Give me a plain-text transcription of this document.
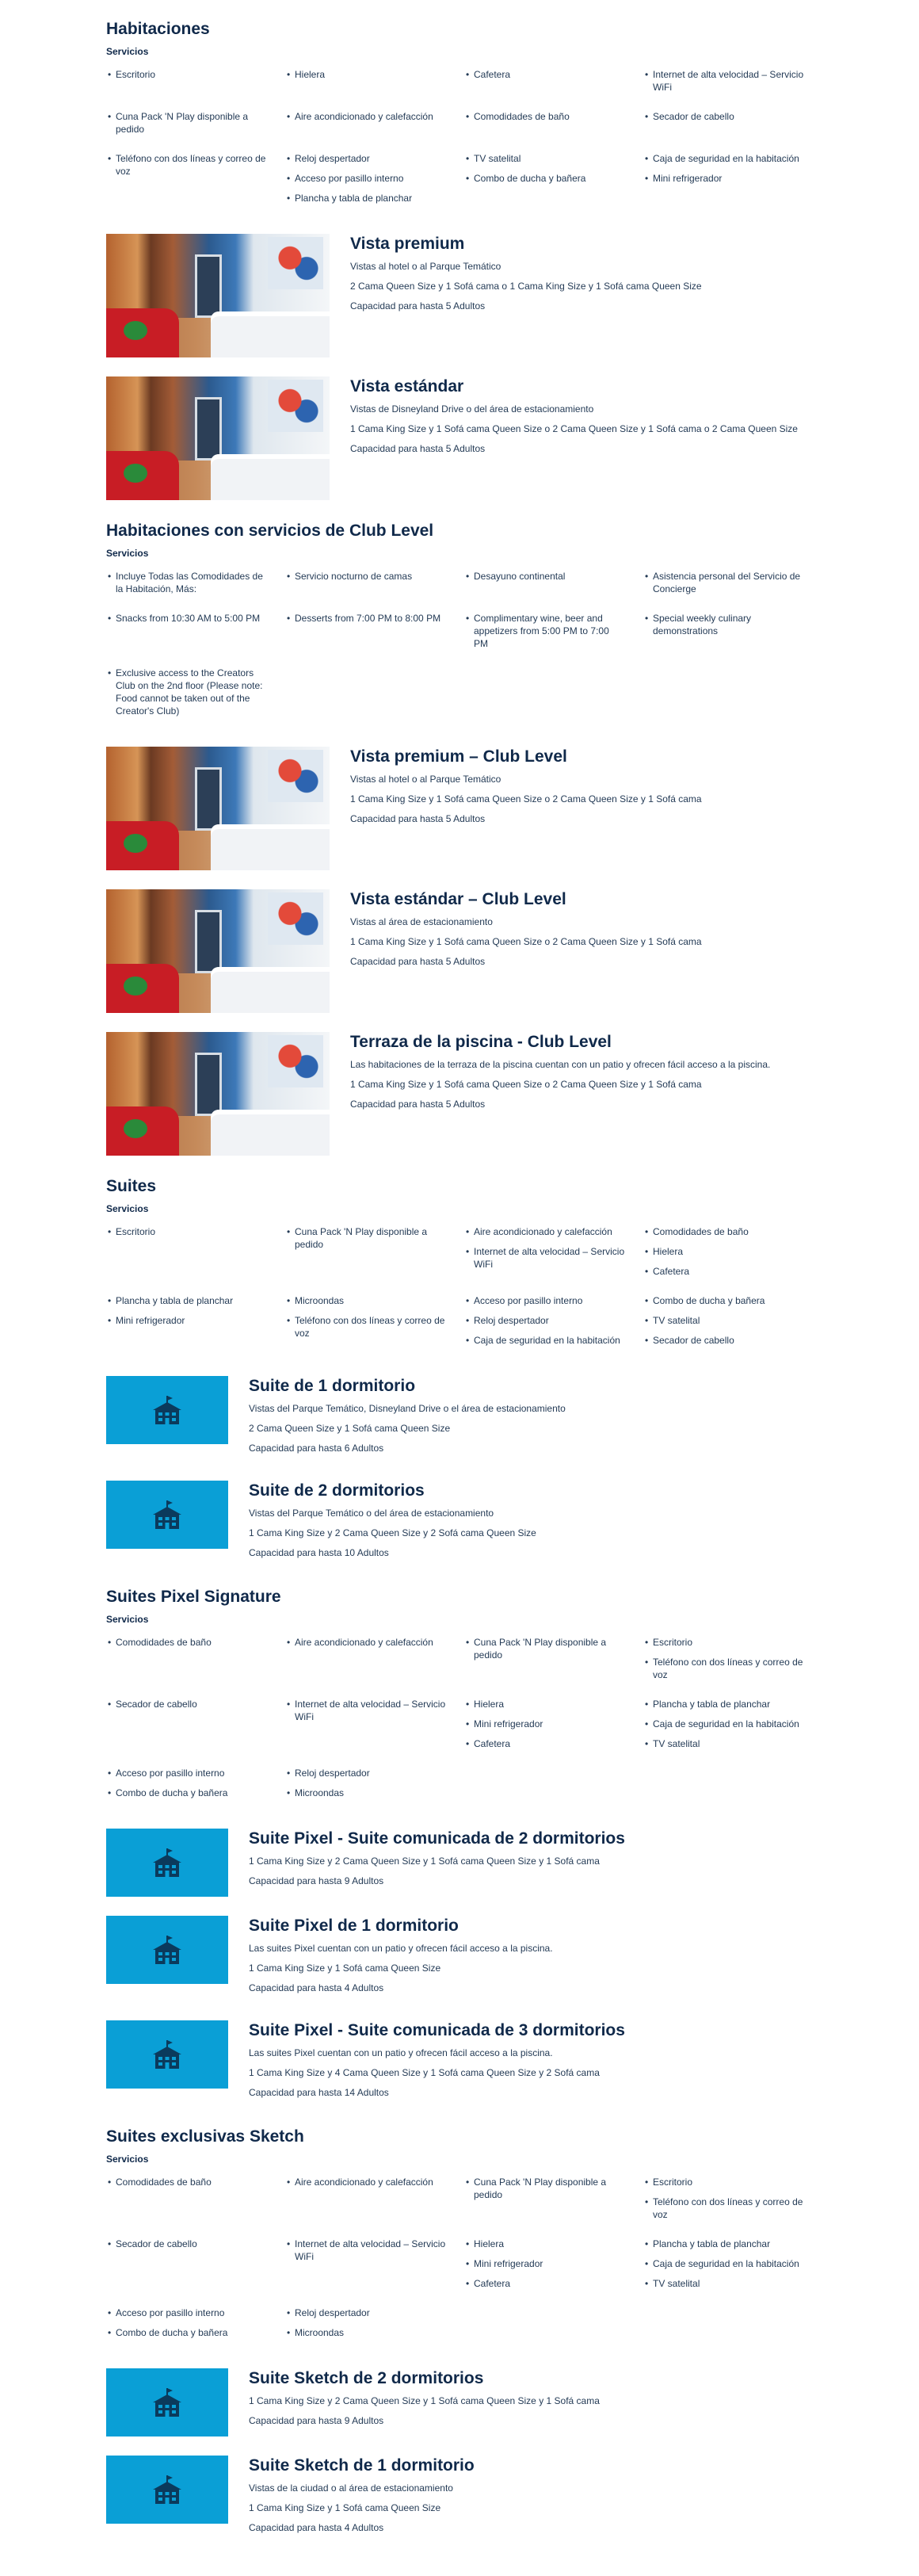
Habitaciones
Servicios
• Escritorio	• Hielera	• Cafetera	• Internet de alta velocidad – Servicio WiFi
• Cuna Pack 'N Play disponible a pedido
• Aire acondicionado y calefacción	• Comodidades de baño	• Secador de cabello
• Teléfono con dos líneas y correo de voz
• Reloj despertador
• Acceso por pasillo interno
• Plancha y tabla de planchar
• TV satelital
• Combo de ducha y bañera
• Caja de seguridad en la habitación
• Mini refrigerador
Vista premium
Vistas al hotel o al Parque Temático
2 Cama Queen Size y 1 Sofá cama o 1 Cama King Size y 1 Sofá cama Queen Size
Capacidad para hasta 5 Adultos
Vista estándar
Vistas de Disneyland Drive o del área de estacionamiento
1 Cama King Size y 1 Sofá cama Queen Size o 2 Cama Queen Size y 1 Sofá cama o 2 Cama Queen Size
Capacidad para hasta 5 Adultos
Habitaciones con servicios de Club Level
Servicios
• Incluye Todas las Comodidades de la Habitación, Más:
• Servicio nocturno de camas	• Desayuno continental	• Asistencia personal del Servicio de Concierge
• Snacks from 10:30 AM to 5:00 PM	• Desserts from 7:00 PM to 8:00 PM	• Complimentary wine, beer and appetizers from 5:00 PM to 7:00 PM
• Special weekly culinary demonstrations
• Exclusive access to the Creators Club on the 2nd floor (Please note: Food cannot be taken out of the Creator's Club)
Vista premium – Club Level
Vistas al hotel o al Parque Temático
1 Cama King Size y 1 Sofá cama Queen Size o 2 Cama Queen Size y 1 Sofá cama
Capacidad para hasta 5 Adultos
Vista estándar – Club Level
Vistas al área de estacionamiento
1 Cama King Size y 1 Sofá cama Queen Size o 2 Cama Queen Size y 1 Sofá cama
Capacidad para hasta 5 Adultos
Terraza de la piscina - Club Level
Las habitaciones de la terraza de la piscina cuentan con un patio y ofrecen fácil acceso a la piscina.
1 Cama King Size y 1 Sofá cama Queen Size o 2 Cama Queen Size y 1 Sofá cama
Capacidad para hasta 5 Adultos
Suites
Servicios
• Escritorio	• Cuna Pack 'N Play disponible a pedido
• Aire acondicionado y calefacción
• Internet de alta velocidad – Servicio WiFi
• Comodidades de baño
• Hielera
• Cafetera
• Plancha y tabla de planchar
• Mini refrigerador
• Microondas
• Teléfono con dos líneas y correo de voz
• Acceso por pasillo interno
• Reloj despertador
• Caja de seguridad en la habitación
• Combo de ducha y bañera
• TV satelital
• Secador de cabello
Suite de 1 dormitorio
Vistas del Parque Temático, Disneyland Drive o el área de estacionamiento
2 Cama Queen Size y 1 Sofá cama Queen Size
Capacidad para hasta 6 Adultos
Suite de 2 dormitorios
Vistas del Parque Temático o del área de estacionamiento
1 Cama King Size y 2 Cama Queen Size y 2 Sofá cama Queen Size
Capacidad para hasta 10 Adultos
Suites Pixel Signature
Servicios
• Comodidades de baño	• Aire acondicionado y calefacción	• Cuna Pack 'N Play disponible a pedido
• Escritorio
• Teléfono con dos líneas y correo de voz
• Secador de cabello	• Internet de alta velocidad – Servicio WiFi
• Hielera
• Mini refrigerador
• Cafetera
• Plancha y tabla de planchar
• Caja de seguridad en la habitación
• TV satelital
• Acceso por pasillo interno
• Combo de ducha y bañera
• Reloj despertador
• Microondas
Suite Pixel - Suite comunicada de 2 dormitorios
1 Cama King Size y 2 Cama Queen Size y 1 Sofá cama Queen Size y 1 Sofá cama
Capacidad para hasta 9 Adultos
Suite Pixel de 1 dormitorio
Las suites Pixel cuentan con un patio y ofrecen fácil acceso a la piscina.
1 Cama King Size y 1 Sofá cama Queen Size
Capacidad para hasta 4 Adultos
Suite Pixel - Suite comunicada de 3 dormitorios
Las suites Pixel cuentan con un patio y ofrecen fácil acceso a la piscina.
1 Cama King Size y 4 Cama Queen Size y 1 Sofá cama Queen Size y 2 Sofá cama
Capacidad para hasta 14 Adultos
Suites exclusivas Sketch
Servicios
• Comodidades de baño	• Aire acondicionado y calefacción	• Cuna Pack 'N Play disponible a pedido
• Escritorio
• Teléfono con dos líneas y correo de voz
• Secador de cabello	• Internet de alta velocidad – Servicio WiFi
• Hielera
• Mini refrigerador
• Cafetera
• Plancha y tabla de planchar
• Caja de seguridad en la habitación
• TV satelital
• Acceso por pasillo interno
• Combo de ducha y bañera
• Reloj despertador
• Microondas
Suite Sketch de 2 dormitorios
1 Cama King Size y 2 Cama Queen Size y 1 Sofá cama Queen Size y 1 Sofá cama
Capacidad para hasta 9 Adultos
Suite Sketch de 1 dormitorio
Vistas de la ciudad o al área de estacionamiento
1 Cama King Size y 1 Sofá cama Queen Size
Capacidad para hasta 4 Adultos
